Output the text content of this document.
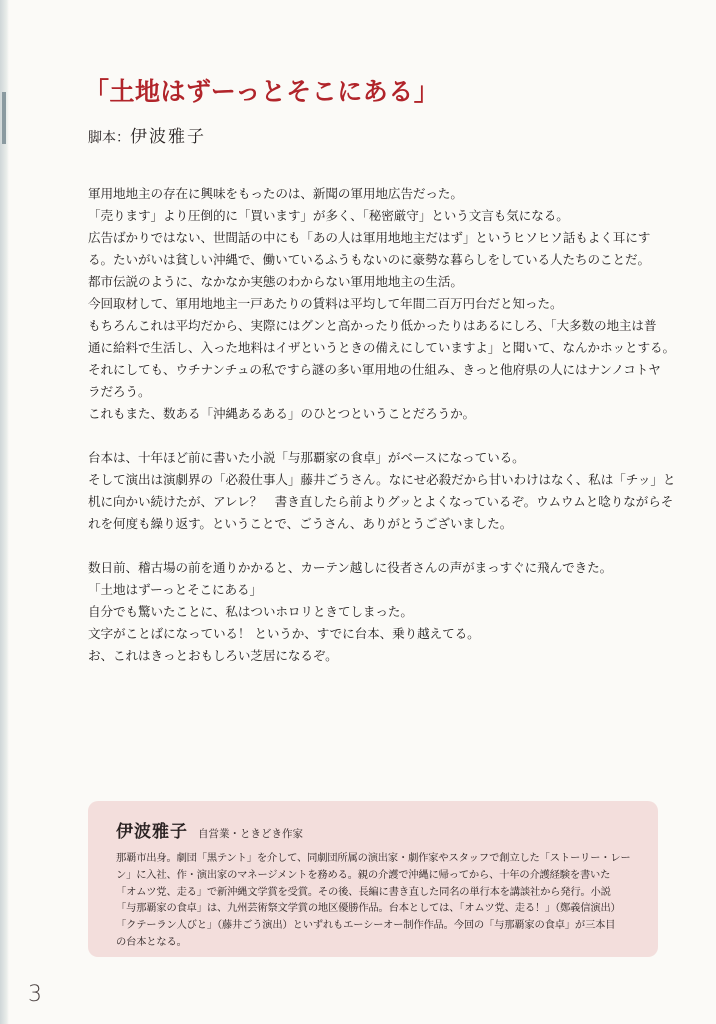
「土地はずーっとそこにある」
脚本：伊波雅子
軍用地地主の存在に興味をもったのは、新聞の軍用地広告だった。
「売ります」より圧倒的に「買います」が多く、「秘密厳守」という文言も気になる。
広告ばかりではない、世間話の中にも「あの人は軍用地地主だはず」というヒソヒソ話もよく耳にす
る。たいがいは貧しい沖縄で、働いているふうもないのに豪勢な暮らしをしている人たちのことだ。
都市伝説のように、なかなか実態のわからない軍用地地主の生活。
今回取材して、軍用地地主一戸あたりの賃料は平均して年間二百万円台だと知った。
もちろんこれは平均だから、実際にはグンと高かったり低かったりはあるにしろ、「大多数の地主は普
通に給料で生活し、入った地料はイザというときの備えにしていますよ」と聞いて、なんかホッとする。
それにしても、ウチナンチュの私ですら謎の多い軍用地の仕組み、きっと他府県の人にはナンノコトヤ
ラだろう。
これもまた、数ある「沖縄あるある」のひとつということだろうか。
台本は、十年ほど前に書いた小説「与那覇家の食卓」がベースになっている。
そして演出は演劇界の「必殺仕事人」藤井ごうさん。なにせ必殺だから甘いわけはなく、私は「チッ」と
机に向かい続けたが、アレレ？　書き直したら前よりグッとよくなっているぞ。ウムウムと唸りながらそ
れを何度も繰り返す。ということで、ごうさん、ありがとうございました。
数日前、稽古場の前を通りかかると、カーテン越しに役者さんの声がまっすぐに飛んできた。
「土地はずーっとそこにある」
自分でも驚いたことに、私はついホロリときてしまった。
文字がことばになっている！ というか、すでに台本、乗り越えてる。
お、これはきっとおもしろい芝居になるぞ。
伊波雅子 自営業・ときどき作家
那覇市出身。劇団「黒テント」を介して、同劇団所属の演出家・劇作家やスタッフで創立した「ストーリー・レー
ン」に入社、作・演出家のマネージメントを務める。親の介護で沖縄に帰ってから、十年の介護経験を書いた
「オムツ党、走る」で新沖縄文学賞を受賞。その後、長編に書き直した同名の単行本を講談社から発行。小説
「与那覇家の食卓」は、九州芸術祭文学賞の地区優勝作品。台本としては、「オムツ党、走る！」（鄭義信演出）
「クテーラン人びと」（藤井ごう演出）といずれもエーシーオー制作作品。今回の「与那覇家の食卓」が三本目
の台本となる。
3
